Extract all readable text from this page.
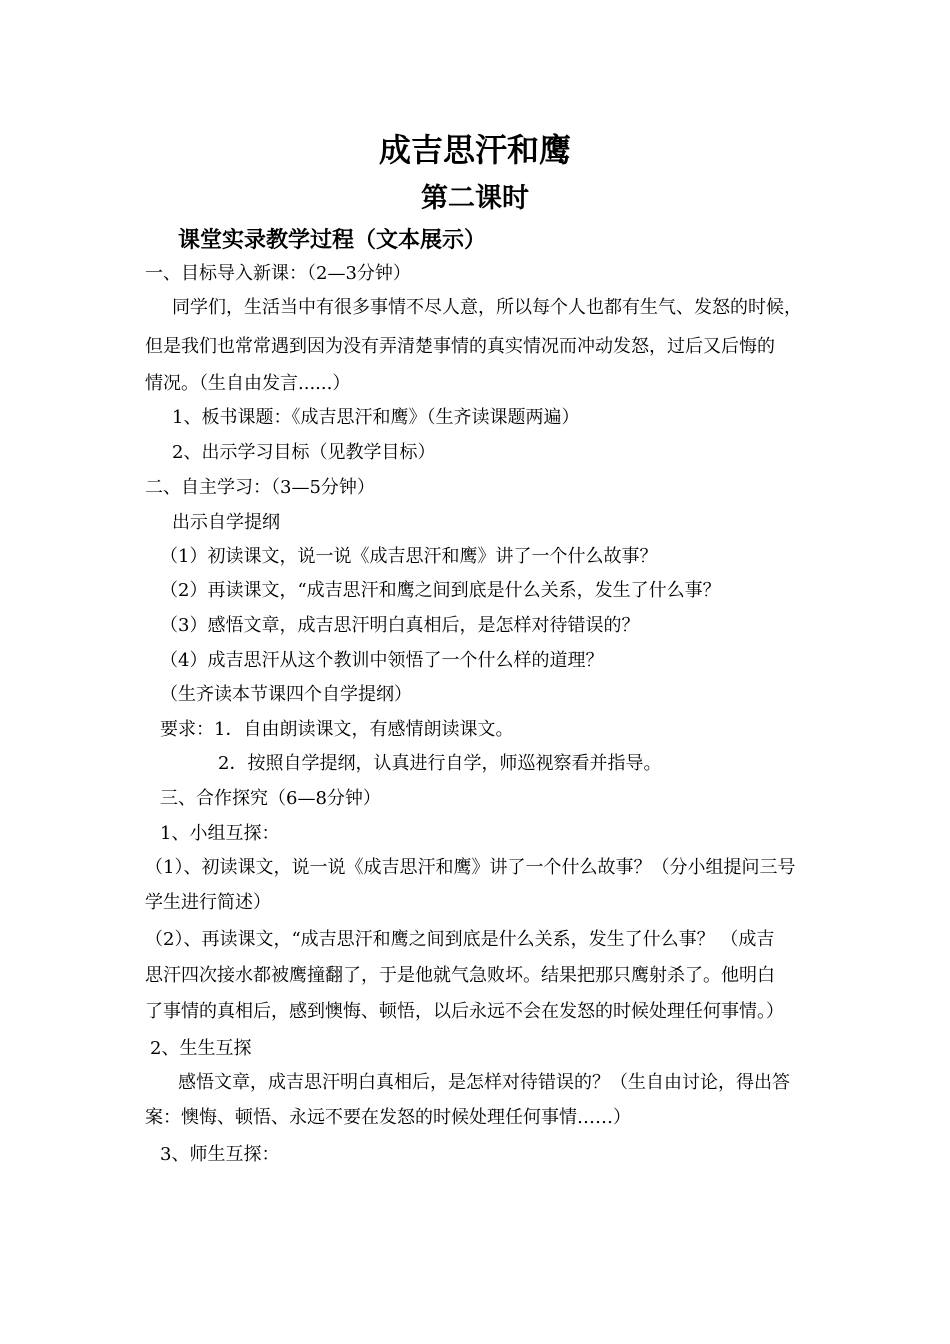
成吉思汗和鹰
第二课时
课堂实录教学过程（文本展示）
一、目标导入新课：（2—3分钟）
同学们，生活当中有很多事情不尽人意，所以每个人也都有生气、发怒的时候，
但是我们也常常遇到因为没有弄清楚事情的真实情况而冲动发怒，过后又后悔的
情况。（生自由发言......）
1、板书课题：《成吉思汗和鹰》（生齐读课题两遍）
2、出示学习目标（见教学目标）
二、自主学习：（3—5分钟）
出示自学提纲
（1）初读课文，说一说《成吉思汗和鹰》讲了一个什么故事？
（2）再读课文，“成吉思汗和鹰之间到底是什么关系，发生了什么事？
（3）感悟文章，成吉思汗明白真相后，是怎样对待错误的？
（4）成吉思汗从这个教训中领悟了一个什么样的道理？
（生齐读本节课四个自学提纲）
要求：1．自由朗读课文，有感情朗读课文。
2．按照自学提纲，认真进行自学，师巡视察看并指导。
三、合作探究（6—8分钟）
1、小组互探：
（1）、初读课文，说一说《成吉思汗和鹰》讲了一个什么故事？（分小组提问三号
学生进行简述）
（2）、再读课文，“成吉思汗和鹰之间到底是什么关系，发生了什么事？ （成吉
思汗四次接水都被鹰撞翻了，于是他就气急败坏。结果把那只鹰射杀了。他明白
了事情的真相后，感到懊悔、顿悟，以后永远不会在发怒的时候处理任何事情。）
2、生生互探
感悟文章，成吉思汗明白真相后，是怎样对待错误的？（生自由讨论，得出答
案：懊悔、顿悟、永远不要在发怒的时候处理任何事情……）
3、师生互探：
